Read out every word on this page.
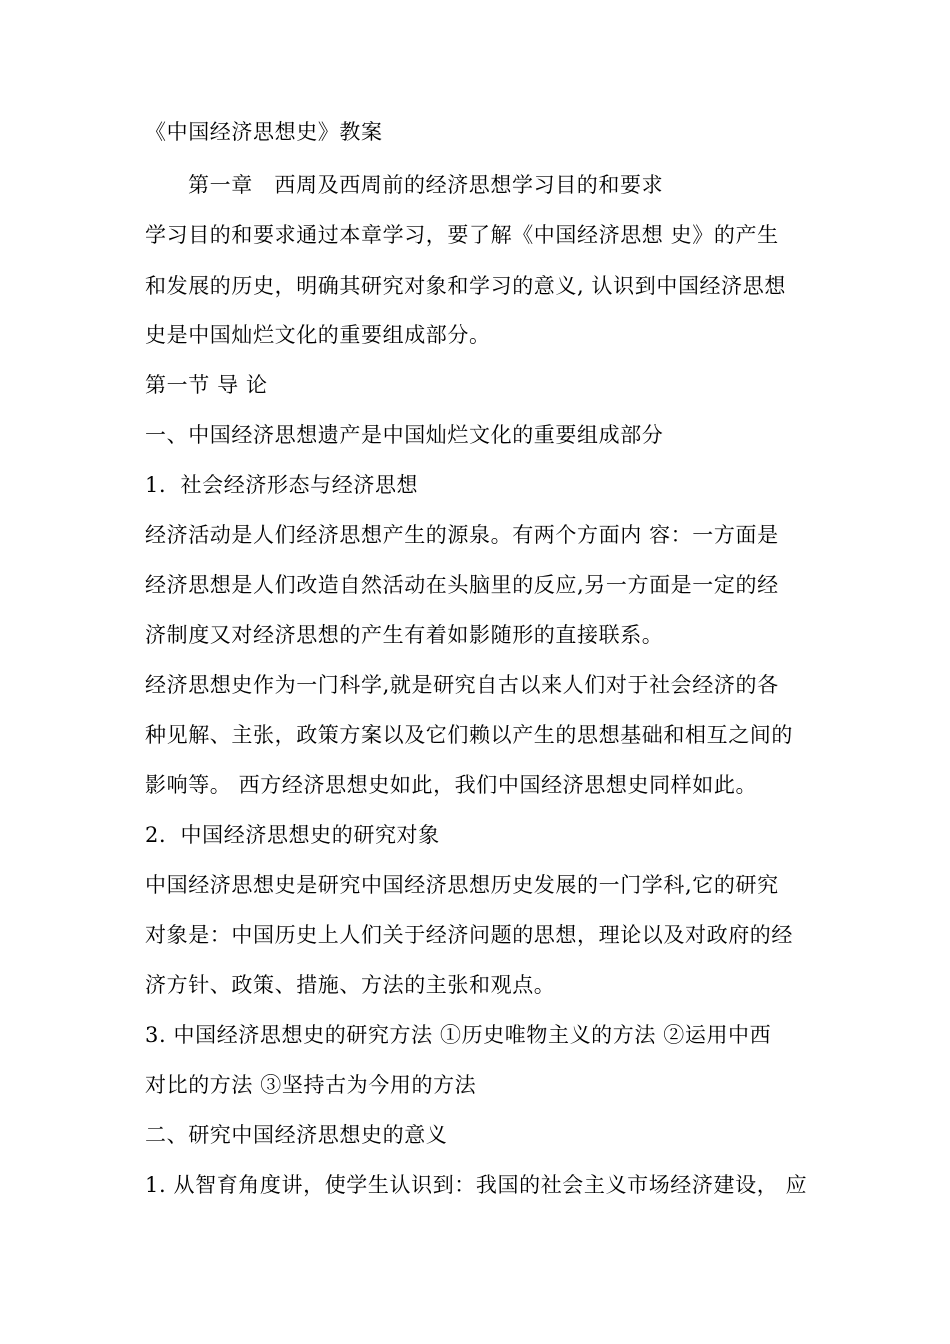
《中国经济思想史》教案
第一章　西周及西周前的经济思想学习目的和要求
学习目的和要求通过本章学习，要了解《中国经济思想 史》的产生
和发展的历史，明确其研究对象和学习的意义, 认识到中国经济思想
史是中国灿烂文化的重要组成部分。
第一节 导 论
一、中国经济思想遗产是中国灿烂文化的重要组成部分
1．社会经济形态与经济思想
经济活动是人们经济思想产生的源泉。有两个方面内 容：一方面是
经济思想是人们改造自然活动在头脑里的反应,另一方面是一定的经
济制度又对经济思想的产生有着如影随形的直接联系。
经济思想史作为一门科学,就是研究自古以来人们对于社会经济的各
种见解、主张，政策方案以及它们赖以产生的思想基础和相互之间的
影响等。 西方经济思想史如此，我们中国经济思想史同样如此。
2．中国经济思想史的研究对象
中国经济思想史是研究中国经济思想历史发展的一门学科,它的研究
对象是：中国历史上人们关于经济问题的思想，理论以及对政府的经
济方针、政策、措施、方法的主张和观点。
3. 中国经济思想史的研究方法 ①历史唯物主义的方法 ②运用中西
对比的方法 ③坚持古为今用的方法
二、研究中国经济思想史的意义
1. 从智育角度讲，使学生认识到：我国的社会主义市场经济建设， 应
